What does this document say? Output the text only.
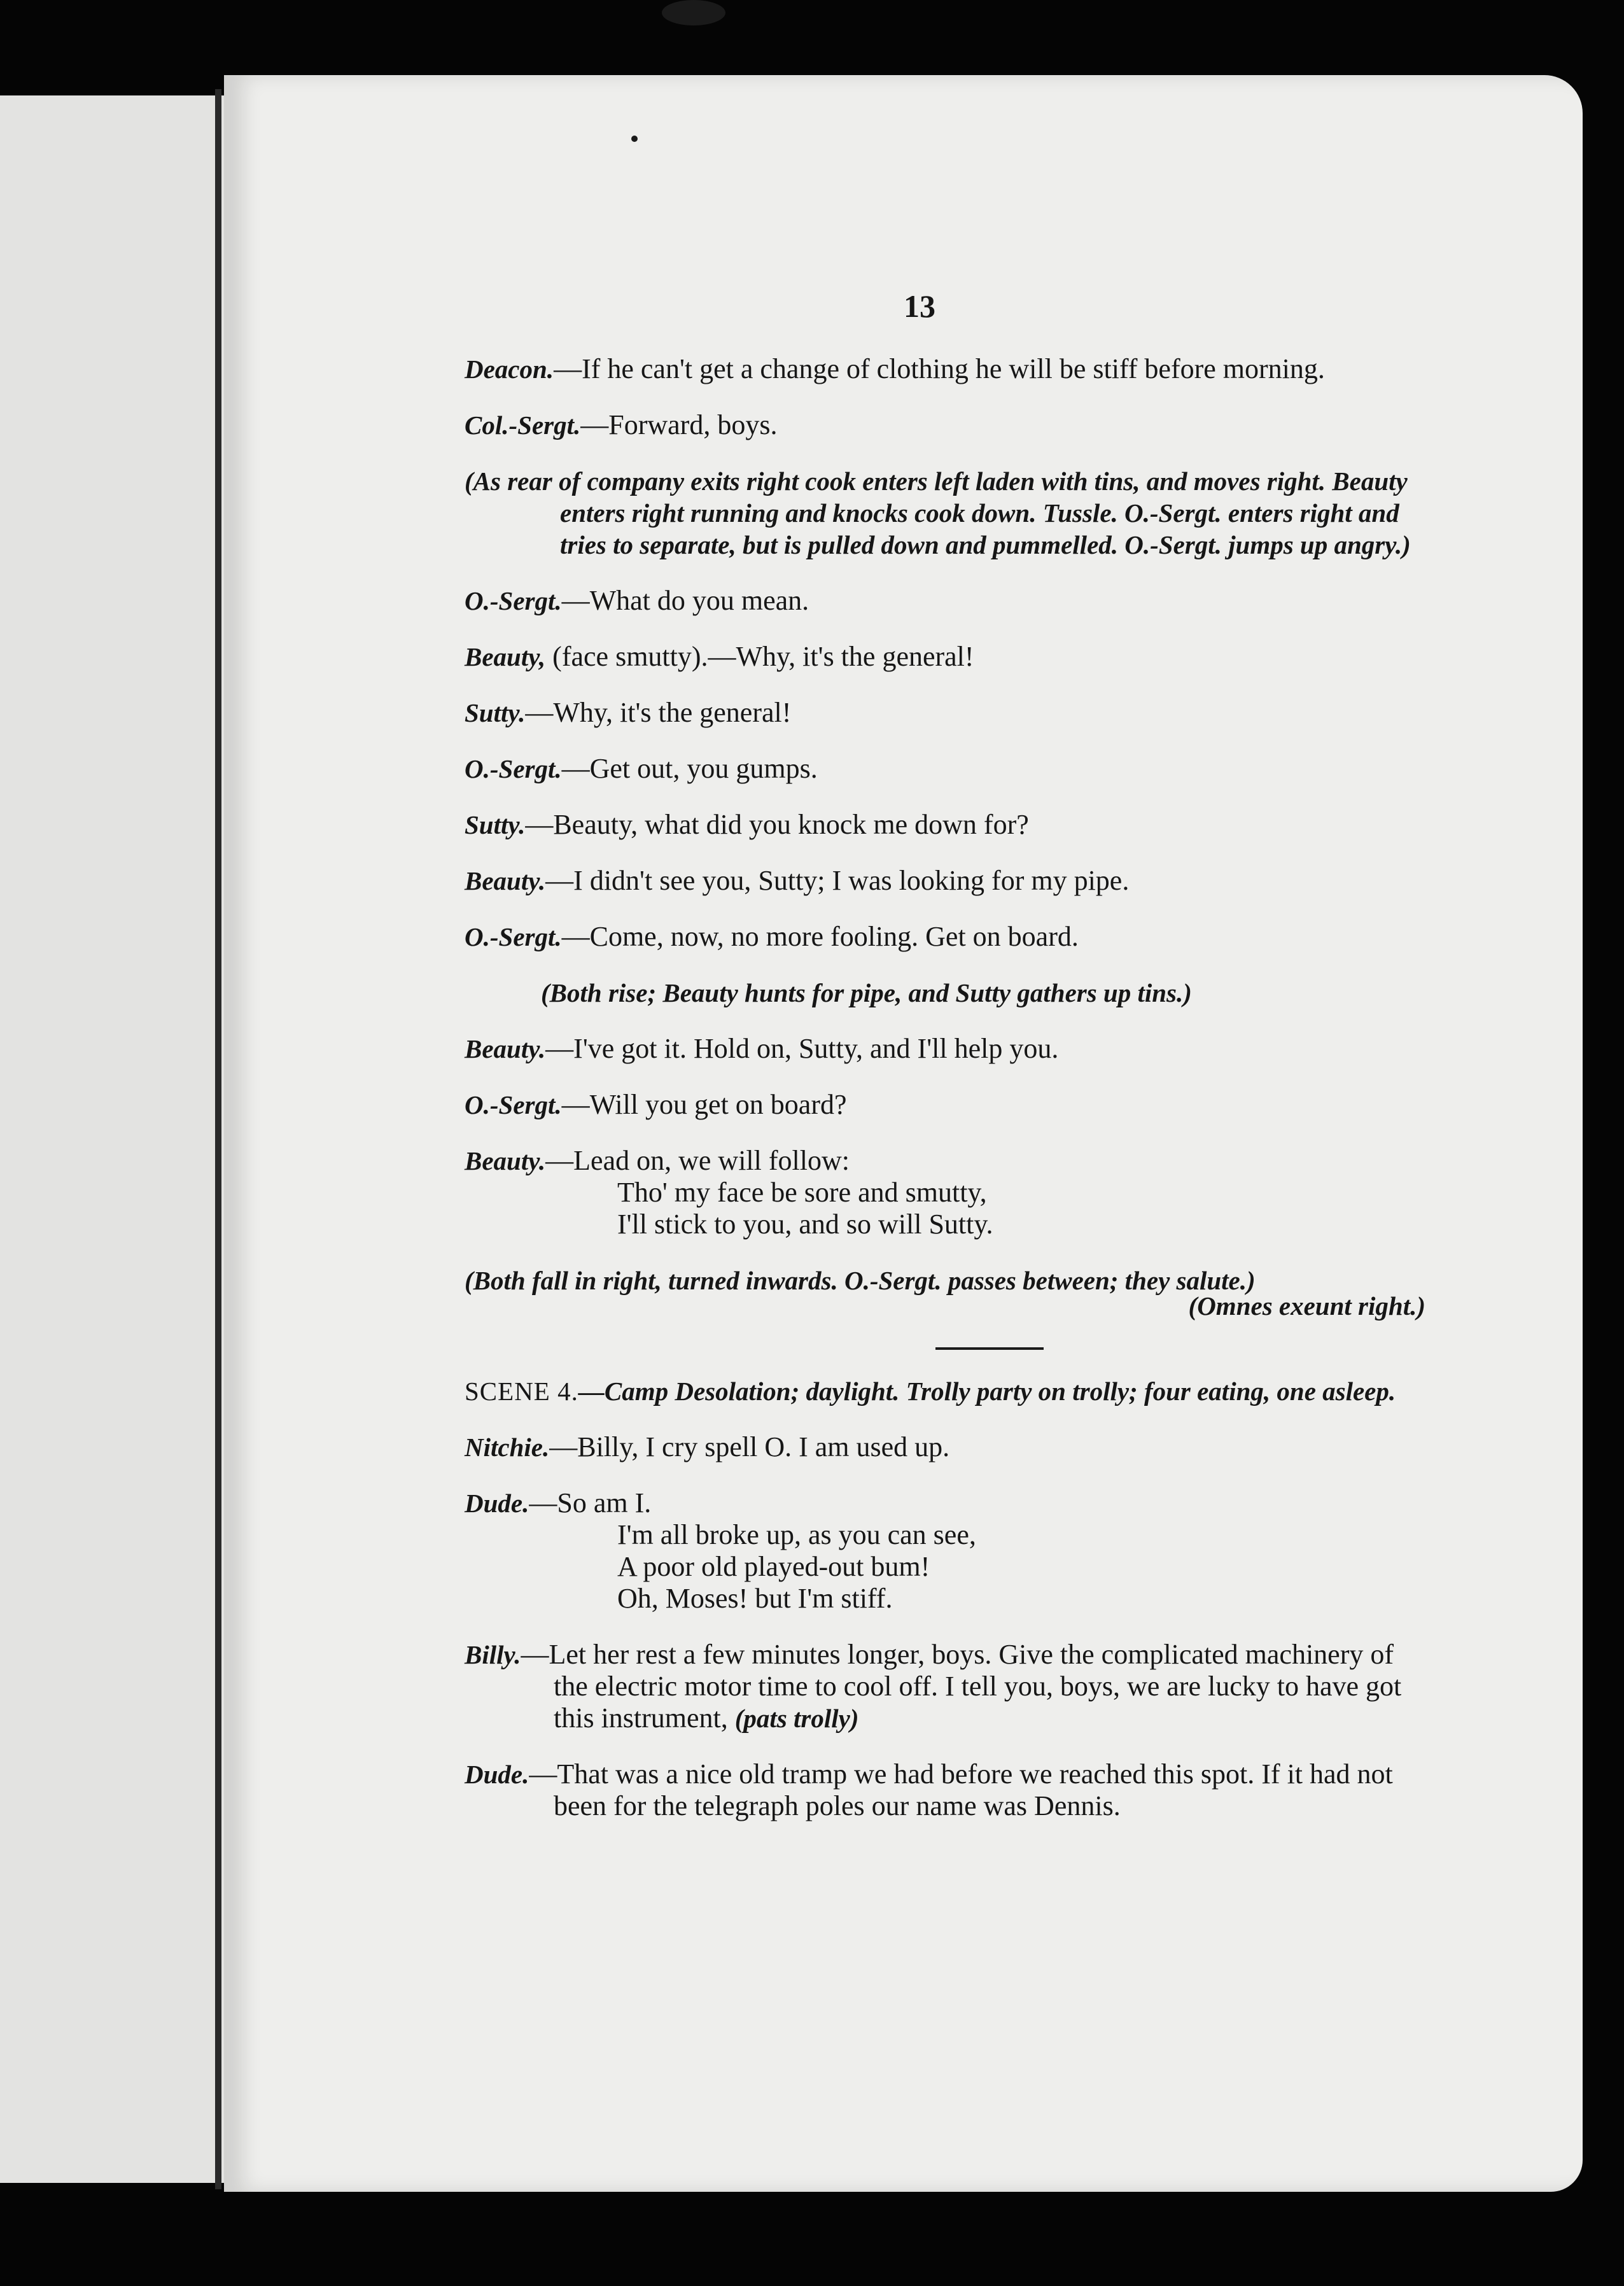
13
Deacon.—If he can't get a change of clothing he will be stiff before morning.
Col.-Sergt.—Forward, boys.
(As rear of company exits right cook enters left laden with tins, and moves right. Beauty enters right running and knocks cook down. Tussle. O.-Sergt. enters right and tries to separate, but is pulled down and pummelled. O.-Sergt. jumps up angry.)
O.-Sergt.—What do you mean.
Beauty, (face smutty).—Why, it's the general!
Sutty.—Why, it's the general!
O.-Sergt.—Get out, you gumps.
Sutty.—Beauty, what did you knock me down for?
Beauty.—I didn't see you, Sutty; I was looking for my pipe.
O.-Sergt.—Come, now, no more fooling. Get on board.
(Both rise; Beauty hunts for pipe, and Sutty gathers up tins.)
Beauty.—I've got it. Hold on, Sutty, and I'll help you.
O.-Sergt.—Will you get on board?
Beauty.—Lead on, we will follow:
Tho' my face be sore and smutty,
I'll stick to you, and so will Sutty.
(Both fall in right, turned inwards. O.-Sergt. passes between; they salute.)
(Omnes exeunt right.)
SCENE 4.—Camp Desolation; daylight. Trolly party on trolly; four eating, one asleep.
Nitchie.—Billy, I cry spell O. I am used up.
Dude.—So am I.
I'm all broke up, as you can see,
A poor old played-out bum!
Oh, Moses! but I'm stiff.
Billy.—Let her rest a few minutes longer, boys. Give the complicated machinery of the electric motor time to cool off. I tell you, boys, we are lucky to have got this instrument, (pats trolly)
Dude.—That was a nice old tramp we had before we reached this spot. If it had not been for the telegraph poles our name was Dennis.
